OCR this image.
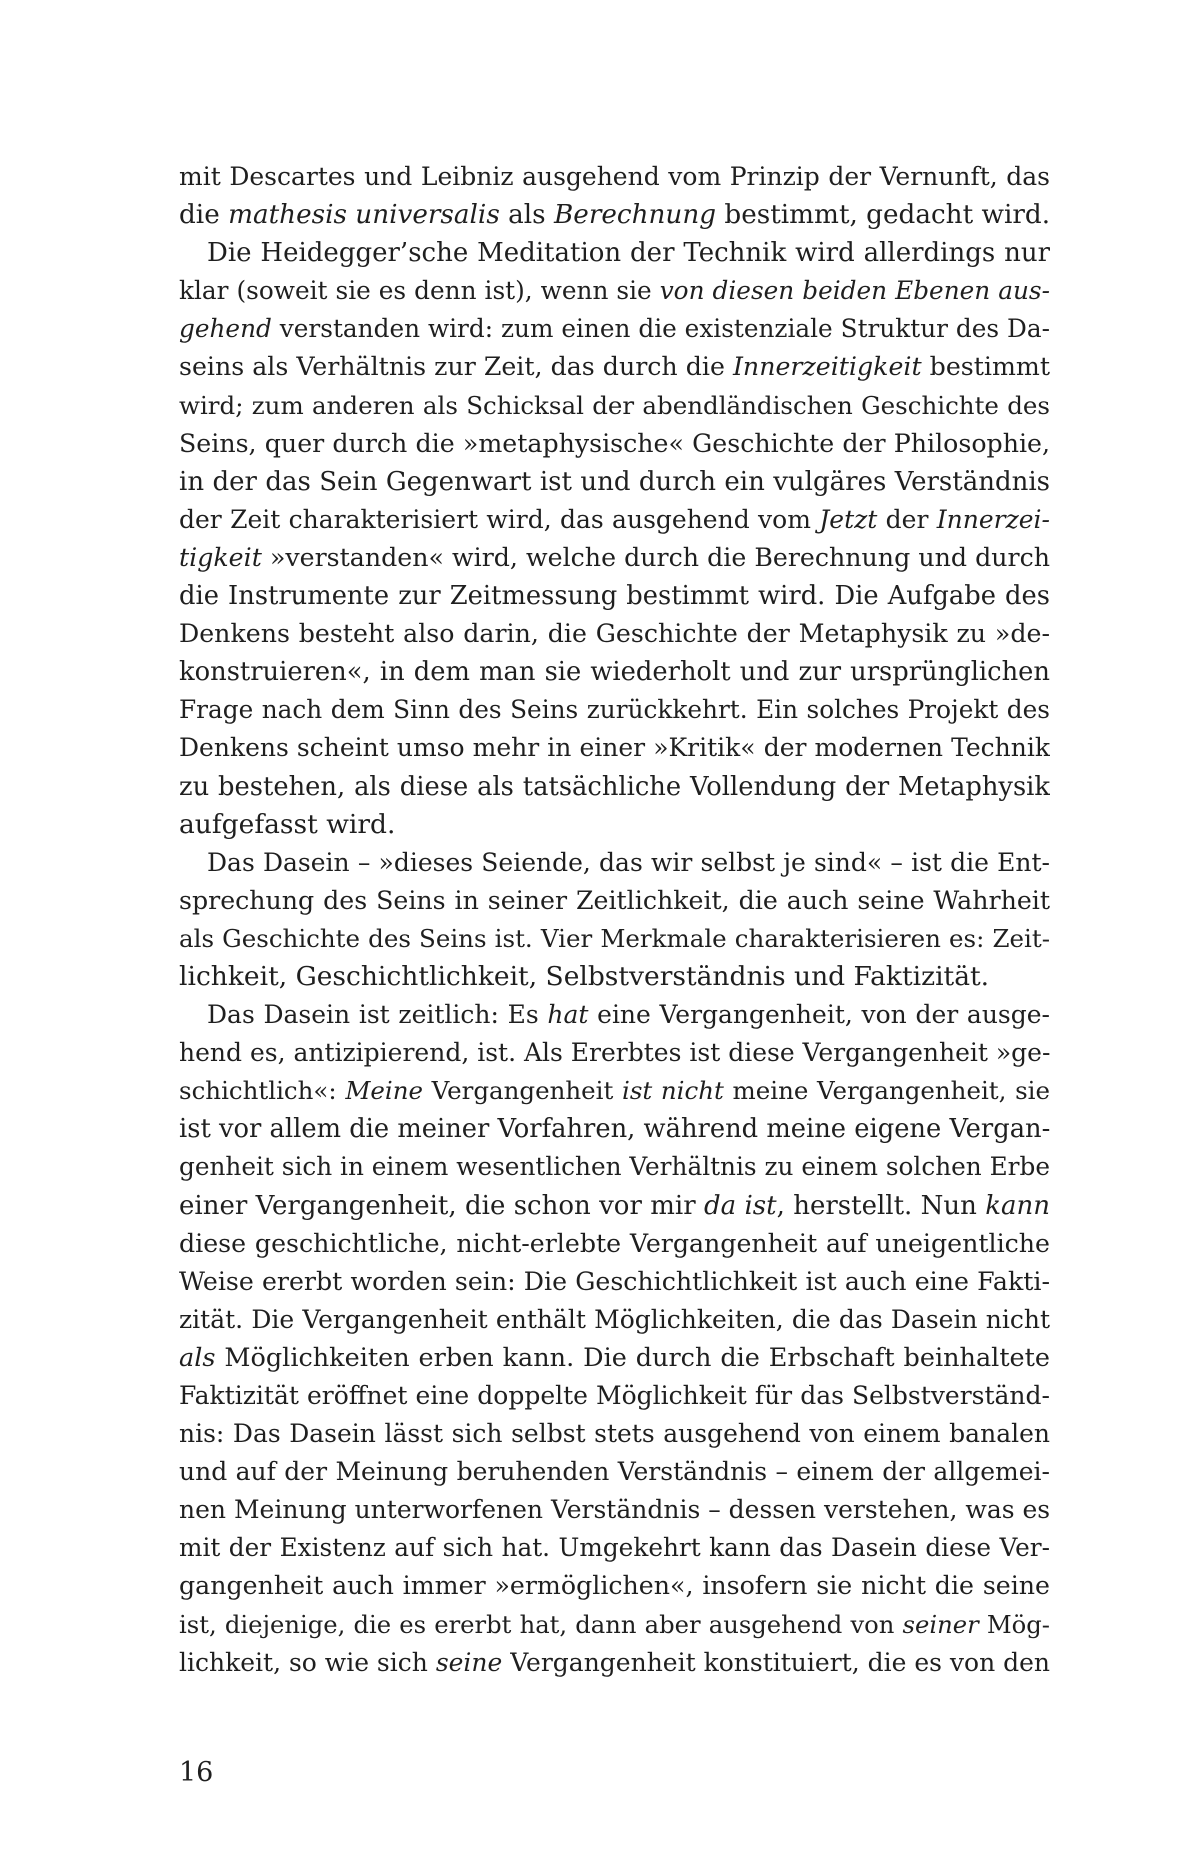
mit Descartes und Leibniz ausgehend vom Prinzip der Vernunft, das
die mathesis universalis als Berechnung bestimmt, gedacht wird.
Die Heidegger’sche Meditation der Technik wird allerdings nur
klar (soweit sie es denn ist), wenn sie von diesen beiden Ebenen aus-
gehend verstanden wird: zum einen die existenziale Struktur des Da-
seins als Verhältnis zur Zeit, das durch die Innerzeitigkeit bestimmt
wird; zum anderen als Schicksal der abendländischen Geschichte des
Seins, quer durch die »metaphysische« Geschichte der Philosophie,
in der das Sein Gegenwart ist und durch ein vulgäres Verständnis
der Zeit charakterisiert wird, das ausgehend vom Jetzt der Innerzei-
tigkeit »verstanden« wird, welche durch die Berechnung und durch
die Instrumente zur Zeitmessung bestimmt wird. Die Aufgabe des
Denkens besteht also darin, die Geschichte der Metaphysik zu »de-
konstruieren«, in dem man sie wiederholt und zur ursprünglichen
Frage nach dem Sinn des Seins zurückkehrt. Ein solches Projekt des
Denkens scheint umso mehr in einer »Kritik« der modernen Technik
zu bestehen, als diese als tatsächliche Vollendung der Metaphysik
aufgefasst wird.
Das Dasein – »dieses Seiende, das wir selbst je sind« – ist die Ent-
sprechung des Seins in seiner Zeitlichkeit, die auch seine Wahrheit
als Geschichte des Seins ist. Vier Merkmale charakterisieren es: Zeit-
lichkeit, Geschichtlichkeit, Selbstverständnis und Faktizität.
Das Dasein ist zeitlich: Es hat eine Vergangenheit, von der ausge-
hend es, antizipierend, ist. Als Ererbtes ist diese Vergangenheit »ge-
schichtlich«: Meine Vergangenheit ist nicht meine Vergangenheit, sie
ist vor allem die meiner Vorfahren, während meine eigene Vergan-
genheit sich in einem wesentlichen Verhältnis zu einem solchen Erbe
einer Vergangenheit, die schon vor mir da ist, herstellt. Nun kann
diese geschichtliche, nicht-erlebte Vergangenheit auf uneigentliche
Weise ererbt worden sein: Die Geschichtlichkeit ist auch eine Fakti-
zität. Die Vergangenheit enthält Möglichkeiten, die das Dasein nicht
als Möglichkeiten erben kann. Die durch die Erbschaft beinhaltete
Faktizität eröffnet eine doppelte Möglichkeit für das Selbstverständ-
nis: Das Dasein lässt sich selbst stets ausgehend von einem banalen
und auf der Meinung beruhenden Verständnis – einem der allgemei-
nen Meinung unterworfenen Verständnis – dessen verstehen, was es
mit der Existenz auf sich hat. Umgekehrt kann das Dasein diese Ver-
gangenheit auch immer »ermöglichen«, insofern sie nicht die seine
ist, diejenige, die es ererbt hat, dann aber ausgehend von seiner Mög-
lichkeit, so wie sich seine Vergangenheit konstituiert, die es von den
16
